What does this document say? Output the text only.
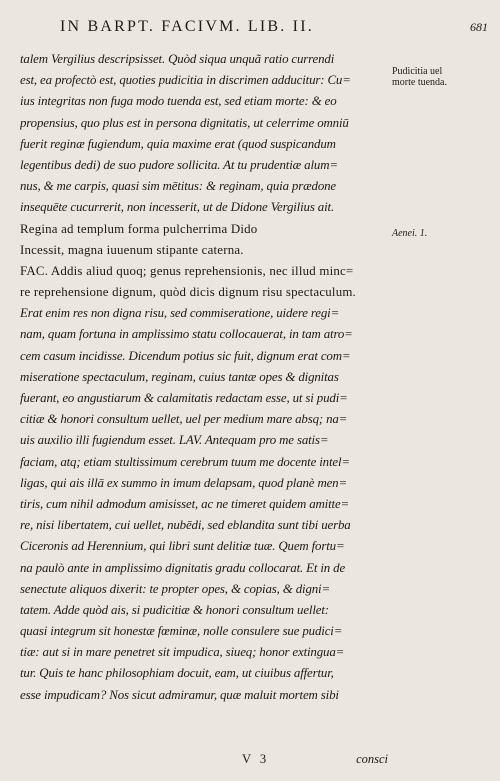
IN BARPT. FACIVM. LIB. II.	681
talem Vergilius descripsisset. Quòd siqua unquã ratio currendi
est, ea profectò est, quoties pudicitia in discrimen adducitur: Cu=
ius integritas non fuga modo tuenda est, sed etiam morte: & eo
propensius, quo plus est in persona dignitatis, ut celerrime omniū
fuerit reginæ fugiendum, quia maxime erat (quod suspicandum
legentibus dedi) de suo pudore sollicita. At tu prudentiæ alum=
nus, & me carpis, quasi sim mētitus: & reginam, quia prædone
insequēte cucurrerit, non incesserit, ut de Didone Vergilius ait.
Regina ad templum forma pulcherrima Dido
Incessit, magna iuuenum stipante caterna.
FAC. Addis aliud quoq; genus reprehensionis, nec illud minc=
re reprehensione dignum, quòd dicis dignum risu spectaculum.
Erat enim res non digna risu, sed commiseratione, uidere regi=
nam, quam fortuna in amplissimo statu collocauerat, in tam atro=
cem casum incidisse. Dicendum potius sic fuit, dignum erat com=
miseratione spectaculum, reginam, cuius tantæ opes & dignitas
fuerant, eo angustiarum & calamitatis redactam esse, ut si pudi=
citiæ & honori consultum uellet, uel per medium mare absq; na=
uis auxilio illi fugiendum esset. LAV. Antequam pro me satis=
faciam, atq; etiam stultissimum cerebrum tuum me docente intel=
ligas, qui ais illā ex summo in imum delapsam, quod planè men=
tiris, cum nihil admodum amisisset, ac ne timeret quidem amitte=
re, nisi libertatem, cui uellet, nubēdi, sed eblandita sunt tibi uerba
Ciceronis ad Herennium, qui libri sunt delitiæ tuæ. Quem fortu=
na paulò ante in amplissimo dignitatis gradu collocarat. Et in de
senectute aliquos dixerit: te propter opes, & copias, & digni=
tatem. Adde quòd ais, si pudicitiæ & honori consultum uellet:
quasi integrum sit honestæ fœminæ, nolle consulere sue pudici=
tiæ: aut si in mare penetret sit impudica, siueq; honor extingua=
tur. Quis te hanc philosophiam docuit, eam, ut ciuibus affertur,
esse impudicam? Nos sicut admiramur, quæ maluit mortem sibi
Pudicitia uel morte tuenda.
Aenei. 1.
V 3	consci
